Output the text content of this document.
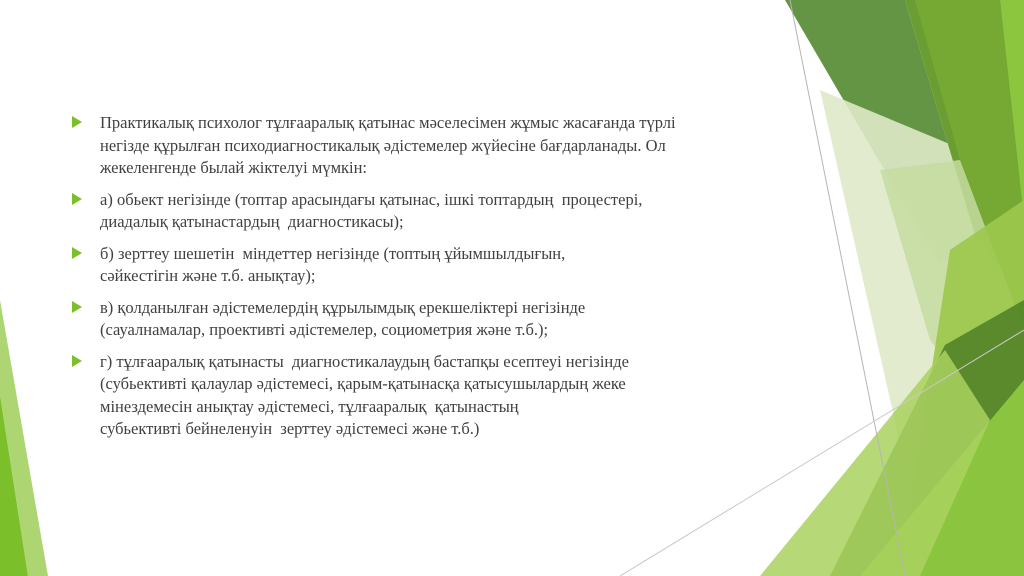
Практикалық психолог тұлғааралық қатынас мәселесімен жұмыс жасағанда түрлі
негізде құрылған психодиагностикалық әдістемелер жүйесіне бағдарланады. Ол
жекеленгенде былай жіктелуі мүмкін:
а) обьект негізінде (топтар арасындағы қатынас, ішкі топтардың  процестері,
диадалық қатынастардың  диагностикасы);
б) зерттеу шешетін  міндеттер негізінде (топтың ұйымшылдығын,
сәйкестігін және т.б. анықтау);
в) қолданылған әдістемелердің құрылымдық ерекшеліктері негізінде
(сауалнамалар, проективті әдістемелер, социометрия және т.б.);
г) тұлғааралық қатынасты  диагностикалаудың бастапқы есептеуі негізінде
(субьективті қалаулар әдістемесі, қарым-қатынасқа қатысушылардың жеке
мінездемесін анықтау әдістемесі, тұлғааралық  қатынастың
субьективті бейнеленуін  зерттеу әдістемесі және т.б.)
